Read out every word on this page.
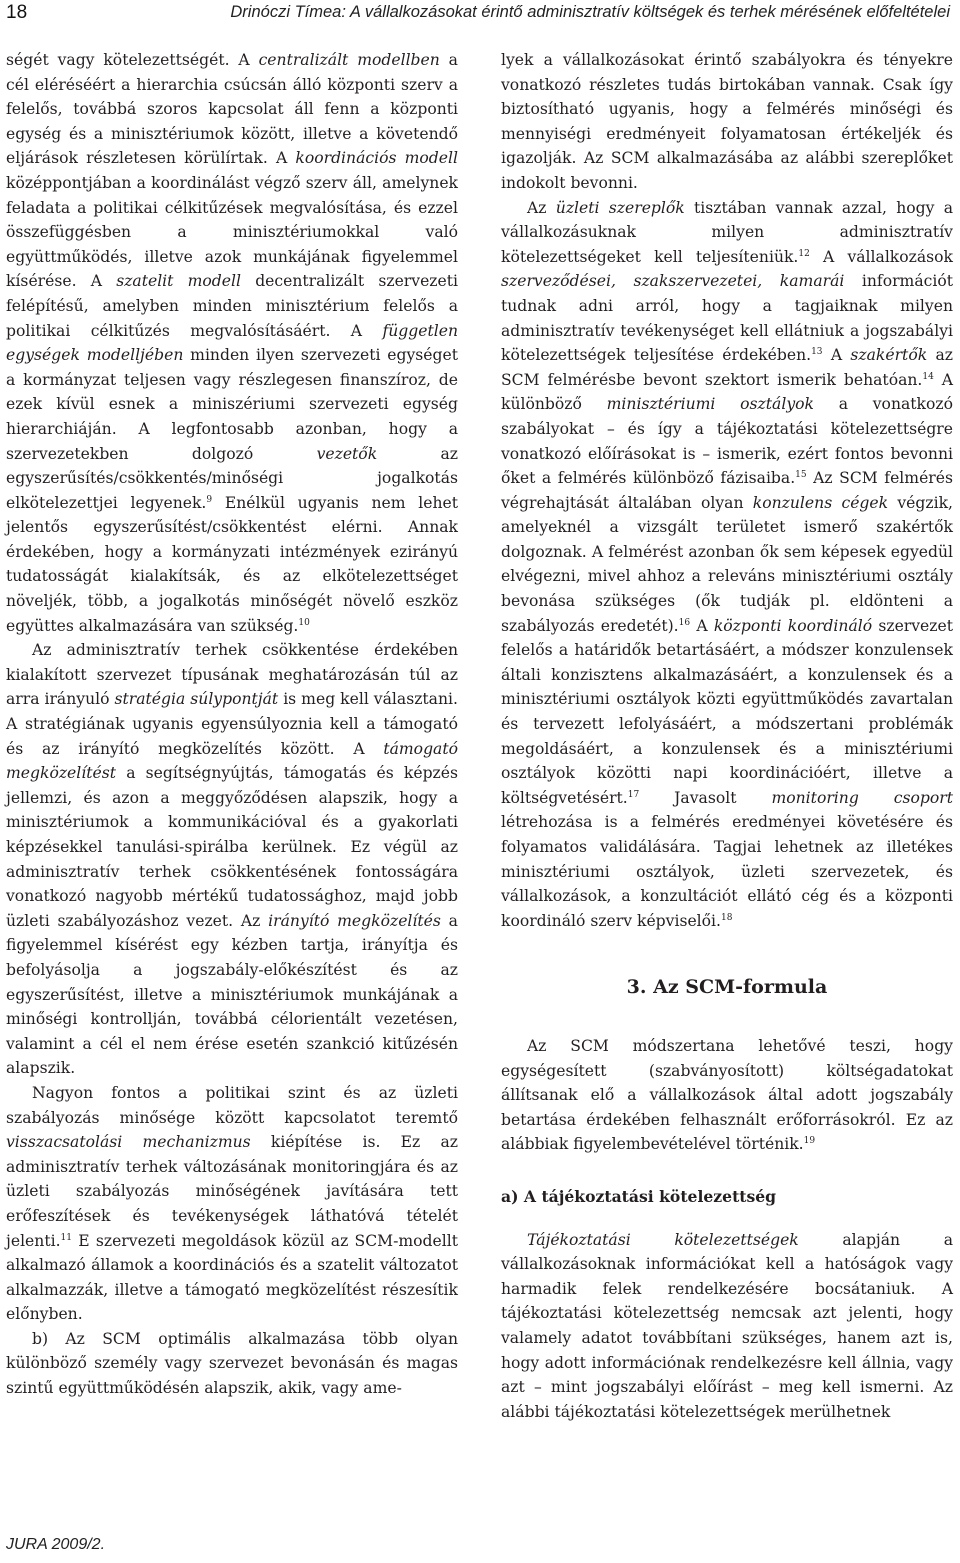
18	Drinóczi Tímea: A vállalkozásokat érintő adminisztratív költségek és terhek mérésének előfeltételei

ségét vagy kötelezettségét. A centralizált modellben a cél eléréséért a hierarchia csúcsán álló központi szerv a felelős, továbbá szoros kapcsolat áll fenn a központi egység és a minisztériumok között, illetve a követendő eljárások részletesen körülírtak. A koordinációs modell középpontjában a koordinálást végző szerv áll, amelynek feladata a politikai célkitűzések megvalósítása, és ezzel összefüggésben a minisztériumokkal való együttműködés, illetve azok munkájának figyelemmel kísérése. A szatelit modell decentralizált szervezeti felépítésű, amelyben minden minisztérium felelős a politikai célkitűzés megvalósításáért. A független egységek modelljében minden ilyen szervezeti egységet a kormányzat teljesen vagy részlegesen finanszíroz, de ezek kívül esnek a miniszériumi szervezeti egység hierarchiáján. A legfontosabb azonban, hogy a szervezetekben dolgozó vezetők az egyszerűsítés/csökkentés/minőségi jogalkotás elkötelezettjei legyenek.$^9$ Enélkül ugyanis nem lehet jelentős egyszerűsítést/csökkentést elérni. Annak érdekében, hogy a kormányzati intézmények ezirányú tudatosságát kialakítsák, és az elkötelezettséget növeljék, több, a jogalkotás minőségét növelő eszköz együttes alkalmazására van szükség.$^{10}$

Az adminisztratív terhek csökkentése érdekében kialakított szervezet típusának meghatározásán túl az arra irányuló stratégia súlypontját is meg kell választani. A stratégiának ugyanis egyensúlyoznia kell a támogató és az irányító megközelítés között. A támogató megközelítést a segítségnyújtás, támogatás és képzés jellemzi, és azon a meggyőződésen alapszik, hogy a minisztériumok a kommunikációval és a gyakorlati képzésekkel tanulási-spirálba kerülnek. Ez végül az adminisztratív terhek csökkentésének fontosságára vonatkozó nagyobb mértékű tudatossághoz, majd jobb üzleti szabályozáshoz vezet. Az irányító megközelítés a figyelemmel kísérést egy kézben tartja, irányítja és befolyásolja a jogszabály-előkészítést és az egyszerűsítést, illetve a minisztériumok munkájának a minőségi kontrollján, továbbá célorientált vezetésen, valamint a cél el nem érése esetén szankció kitűzésén alapszik.

Nagyon fontos a politikai szint és az üzleti szabályozás minősége között kapcsolatot teremtő visszacsatolási mechanizmus kiépítése is. Ez az adminisztratív terhek változásának monitoringjára és az üzleti szabályozás minőségének javítására tett erőfeszítések és tevékenységek láthatóvá tételét jelenti.$^{11}$ E szervezeti megoldások közül az SCM-modellt alkalmazó államok a koordinációs és a szatelit változatot alkalmazzák, illetve a támogató megközelítést részesítik előnyben.

b) Az SCM optimális alkalmazása több olyan különböző személy vagy szervezet bevonásán és magas szintű együttműködésén alapszik, akik, vagy ame-

lyek a vállalkozásokat érintő szabályokra és tényekre vonatkozó részletes tudás birtokában vannak. Csak így biztosítható ugyanis, hogy a felmérés minőségi és mennyiségi eredményeit folyamatosan értékeljék és igazolják. Az SCM alkalmazásába az alábbi szereplőket indokolt bevonni.

Az üzleti szereplők tisztában vannak azzal, hogy a vállalkozásuknak milyen adminisztratív kötelezettségeket kell teljesíteniük.$^{12}$ A vállalkozások szerveződései, szakszervezetei, kamarái információt tudnak adni arról, hogy a tagjaiknak milyen adminisztratív tevékenységet kell ellátniuk a jogszabályi kötelezettségek teljesítése érdekében.$^{13}$ A szakértők az SCM felmérésbe bevont szektort ismerik behatóan.$^{14}$ A különböző minisztériumi osztályok a vonatkozó szabályokat – és így a tájékoztatási kötelezettségre vonatkozó előírásokat is – ismerik, ezért fontos bevonni őket a felmérés különböző fázisaiba.$^{15}$ Az SCM felmérés végrehajtását általában olyan konzulens cégek végzik, amelyeknél a vizsgált területet ismerő szakértők dolgoznak. A felmérést azonban ők sem képesek egyedül elvégezni, mivel ahhoz a releváns minisztériumi osztály bevonása szükséges (ők tudják pl. eldönteni a szabályozás eredetét).$^{16}$ A központi koordináló szervezet felelős a határidők betartásáért, a módszer konzulensek általi konzisztens alkalmazásáért, a konzulensek és a minisztériumi osztályok közti együttműködés zavartalan és tervezett lefolyásáért, a módszertani problémák megoldásáért, a konzulensek és a minisztériumi osztályok közötti napi koordinációért, illetve a költségvetésért.$^{17}$ Javasolt monitoring csoport létrehozása is a felmérés eredményei követésére és folyamatos validálására. Tagjai lehetnek az illetékes minisztériumi osztályok, üzleti szervezetek, és vállalkozások, a konzultációt ellátó cég és a központi koordináló szerv képviselői.$^{18}$

3. Az SCM-formula

Az SCM módszertana lehetővé teszi, hogy egységesített (szabványosított) költségadatokat állítsanak elő a vállalkozások által adott jogszabály betartása érdekében felhasznált erőforrásokról. Ez az alábbiak figyelembevételével történik.$^{19}$

a) A tájékoztatási kötelezettség

Tájékoztatási kötelezettségek alapján a vállalkozásoknak információkat kell a hatóságok vagy harmadik felek rendelkezésére bocsátaniuk. A tájékoztatási kötelezettség nemcsak azt jelenti, hogy valamely adatot továbbítani szükséges, hanem azt is, hogy adott információnak rendelkezésre kell állnia, vagy azt – mint jogszabályi előírást – meg kell ismerni. Az alábbi tájékoztatási kötelezettségek merülhetnek

JURA 2009/2.
